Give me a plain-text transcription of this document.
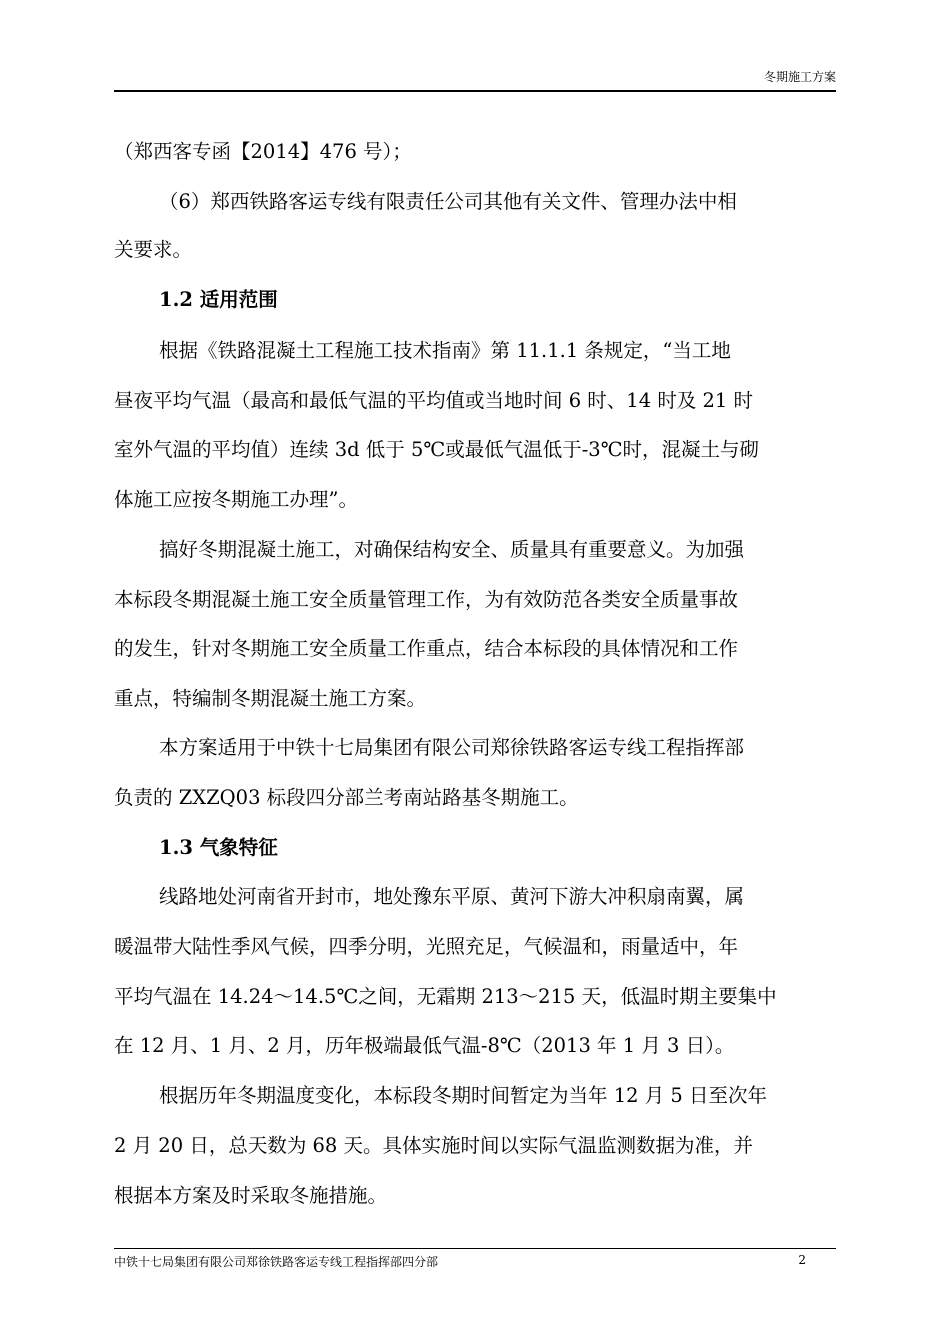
冬期施工方案
（郑西客专函【2014】476 号）；
（6）郑西铁路客运专线有限责任公司其他有关文件、管理办法中相
关要求。
1.2 适用范围
根据《铁路混凝土工程施工技术指南》第 11.1.1 条规定，“当工地
昼夜平均气温（最高和最低气温的平均值或当地时间 6 时、14 时及 21 时
室外气温的平均值）连续 3d 低于 5℃或最低气温低于-3℃时，混凝土与砌
体施工应按冬期施工办理”。
搞好冬期混凝土施工，对确保结构安全、质量具有重要意义。为加强
本标段冬期混凝土施工安全质量管理工作，为有效防范各类安全质量事故
的发生，针对冬期施工安全质量工作重点，结合本标段的具体情况和工作
重点，特编制冬期混凝土施工方案。
本方案适用于中铁十七局集团有限公司郑徐铁路客运专线工程指挥部
负责的 ZXZQ03 标段四分部兰考南站路基冬期施工。
1.3 气象特征
线路地处河南省开封市，地处豫东平原、黄河下游大冲积扇南翼，属
暖温带大陆性季风气候，四季分明，光照充足，气候温和，雨量适中，年
平均气温在 14.24～14.5℃之间，无霜期 213～215 天，低温时期主要集中
在 12 月、1 月、2 月，历年极端最低气温-8℃（2013 年 1 月 3 日）。
根据历年冬期温度变化，本标段冬期时间暂定为当年 12 月 5 日至次年
2 月 20 日，总天数为 68 天。具体实施时间以实际气温监测数据为准，并
根据本方案及时采取冬施措施。
中铁十七局集团有限公司郑徐铁路客运专线工程指挥部四分部	2
